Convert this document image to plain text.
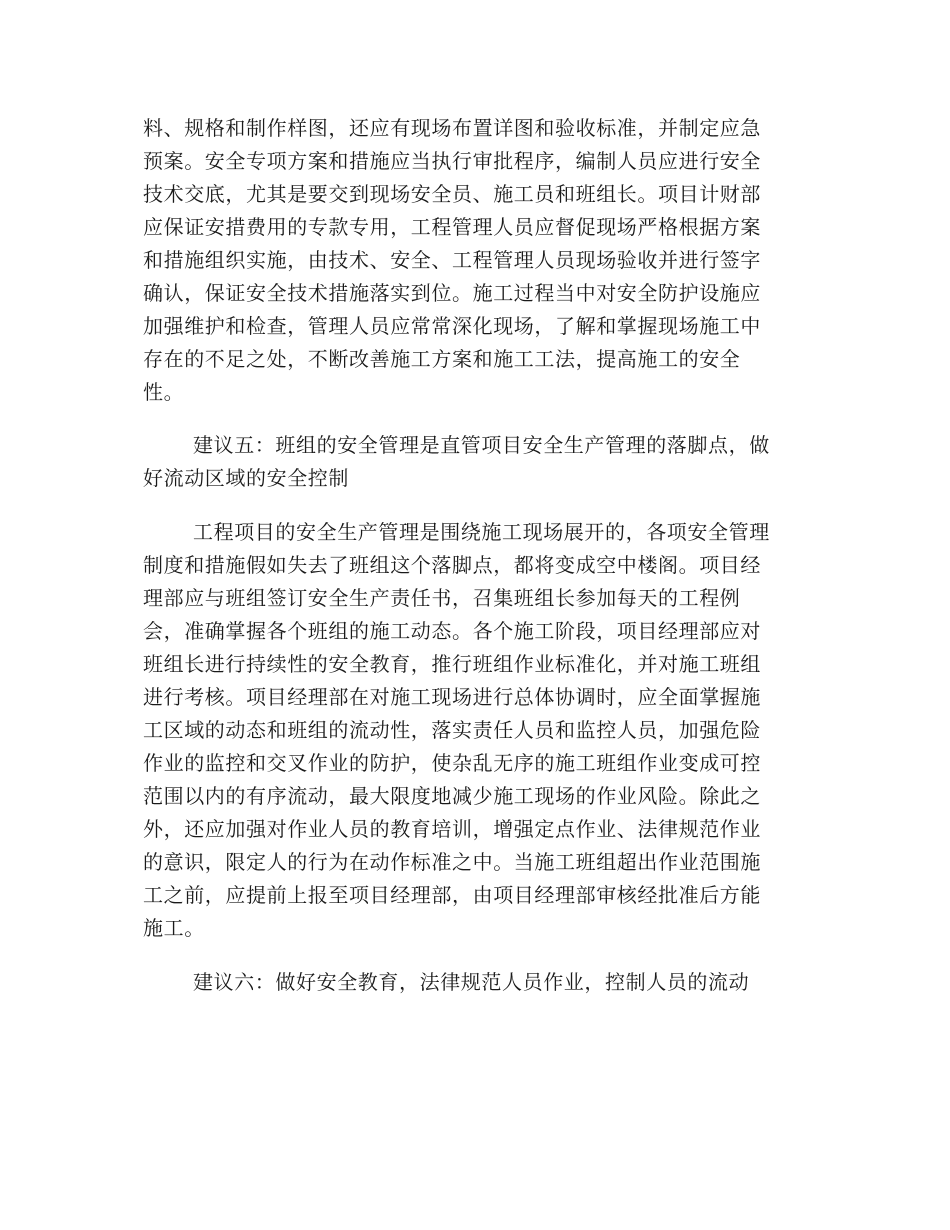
料、规格和制作样图，还应有现场布置详图和验收标准，并制定应急
预案。安全专项方案和措施应当执行审批程序，编制人员应进行安全
技术交底，尤其是要交到现场安全员、施工员和班组长。项目计财部
应保证安措费用的专款专用，工程管理人员应督促现场严格根据方案
和措施组织实施，由技术、安全、工程管理人员现场验收并进行签字
确认，保证安全技术措施落实到位。施工过程当中对安全防护设施应
加强维护和检查，管理人员应常常深化现场，了解和掌握现场施工中
存在的不足之处，不断改善施工方案和施工工法，提高施工的安全
性。
建议五：班组的安全管理是直管项目安全生产管理的落脚点，做
好流动区域的安全控制
工程项目的安全生产管理是围绕施工现场展开的，各项安全管理
制度和措施假如失去了班组这个落脚点，都将变成空中楼阁。项目经
理部应与班组签订安全生产责任书，召集班组长参加每天的工程例
会，准确掌握各个班组的施工动态。各个施工阶段，项目经理部应对
班组长进行持续性的安全教育，推行班组作业标准化，并对施工班组
进行考核。项目经理部在对施工现场进行总体协调时，应全面掌握施
工区域的动态和班组的流动性，落实责任人员和监控人员，加强危险
作业的监控和交叉作业的防护，使杂乱无序的施工班组作业变成可控
范围以内的有序流动，最大限度地减少施工现场的作业风险。除此之
外，还应加强对作业人员的教育培训，增强定点作业、法律规范作业
的意识，限定人的行为在动作标准之中。当施工班组超出作业范围施
工之前，应提前上报至项目经理部，由项目经理部审核经批准后方能
施工。
建议六：做好安全教育，法律规范人员作业，控制人员的流动
